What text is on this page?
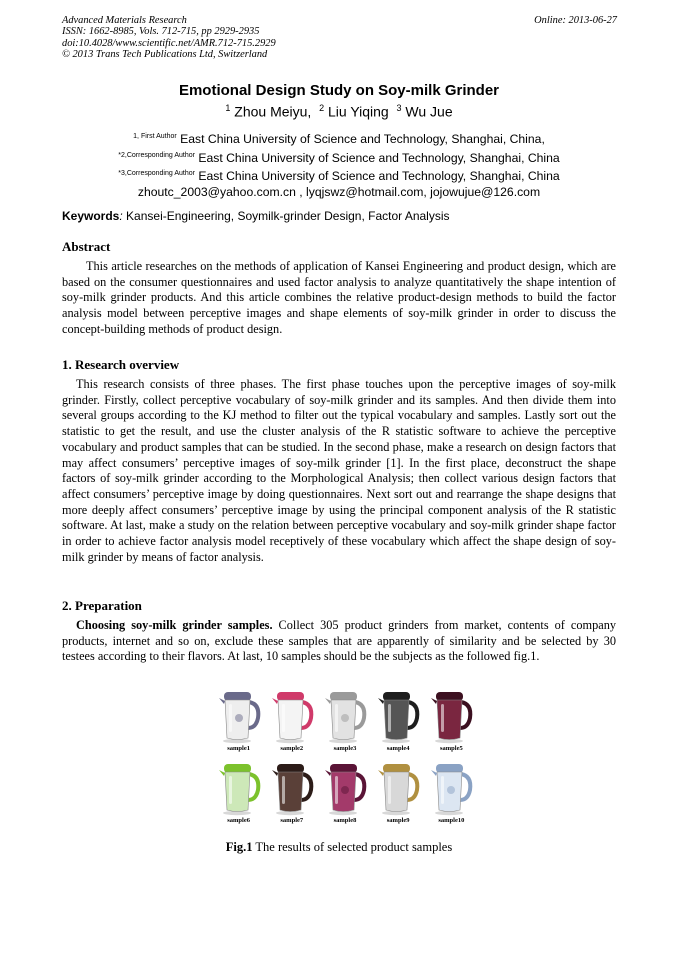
Advanced Materials Research
ISSN: 1662-8985, Vols. 712-715, pp 2929-2935
doi:10.4028/www.scientific.net/AMR.712-715.2929
© 2013 Trans Tech Publications Ltd, Switzerland
Online: 2013-06-27
Emotional Design Study on Soy-milk Grinder
$^1$ Zhou Meiyu, $^2$ Liu Yiqing $^3$ Wu Jue
$^{1, First Author}$ East China University of Science and Technology, Shanghai, China,
$^{*2,Corresponding Author}$ East China University of Science and Technology, Shanghai, China
$^{*3,Corresponding Author}$ East China University of Science and Technology, Shanghai, China
zhoutc_2003@yahoo.com.cn , lyqjswz@hotmail.com, jojowujue@126.com
Keywords: Kansei-Engineering, Soymilk-grinder Design, Factor Analysis
Abstract

This article researches on the methods of application of Kansei Engineering and product design, which are based on the consumer questionnaires and used factor analysis to analyze quantitatively the shape intention of soy-milk grinder products. And this article combines the relative product-design methods to build the factor analysis model between perceptive images and shape elements of soy-milk grinder in order to discuss the concept-building methods of product design.

1. Research overview

This research consists of three phases. The first phase touches upon the perceptive images of soy-milk grinder. Firstly, collect perceptive vocabulary of soy-milk grinder and its samples. And then divide them into several groups according to the KJ method to filter out the typical vocabulary and samples. Lastly sort out the statistic to get the result, and use the cluster analysis of the R statistic software to achieve the perceptive vocabulary and product samples that can be studied. In the second phase, make a research on design factors that may affect consumers’ perceptive images of soy-milk grinder [1]. In the first place, deconstruct the shape factors of soy-milk grinder according to the Morphological Analysis; then collect various design factors that affect consumers’ perceptive image by doing questionnaires. Next sort out and rearrange the shape designs that more deeply affect consumers’ perceptive image by using the principal component analysis of the R statistic software. At last, make a study on the relation between perceptive vocabulary and soy-milk grinder shape factor in order to achieve factor analysis model receptively of these vocabulary which affect the shape design of soy-milk grinder by means of factor analysis.

2. Preparation

Choosing soy-milk grinder samples. Collect 305 product grinders from market, contents of company products, internet and so on, exclude these samples that are apparently of similarity and be selected by 30 testees according to their flavors. At last, 10 samples should be the subjects as the followed fig.1.

sample1	sample2	sample3	sample4	sample5
sample6	sample7	sample8	sample9	sample10
Fig.1 The results of selected product samples
